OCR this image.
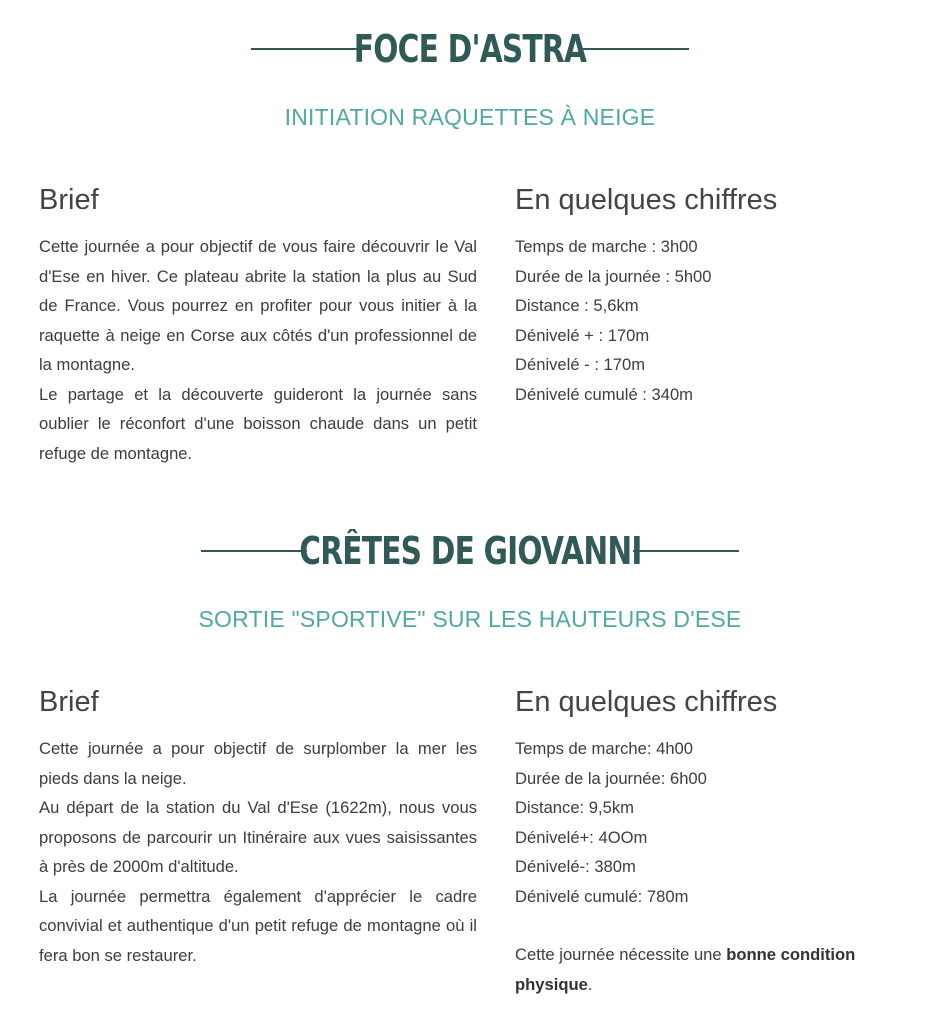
FOCE D'ASTRA
INITIATION RAQUETTES À NEIGE
Brief

Cette journée a pour objectif de vous faire découvrir le Val d'Ese en hiver. Ce plateau abrite la station la plus au Sud de France. Vous pourrez en profiter pour vous initier à la raquette à neige en Corse aux côtés d'un professionnel de la montagne.

Le partage et la découverte guideront la journée sans oublier le réconfort d'une boisson chaude dans un petit refuge de montagne.

En quelques chiffres
Temps de marche : 3h00
Durée de la journée : 5h00
Distance : 5,6km
Dénivelé + : 170m
Dénivelé - : 170m
Dénivelé cumulé : 340m
CRÊTES DE GIOVANNI
SORTIE "SPORTIVE" SUR LES HAUTEURS D'ESE
Brief

Cette journée a pour objectif de surplomber la mer les pieds dans la neige.

Au départ de la station du Val d'Ese (1622m), nous vous proposons de parcourir un Itinéraire aux vues saisissantes à près de 2000m d'altitude.

La journée permettra également d'apprécier le cadre convivial et authentique d'un petit refuge de montagne où il fera bon se restaurer.

En quelques chiffres
Temps de marche: 4h00
Durée de la journée: 6h00
Distance: 9,5km
Dénivelé+: 4OOm
Dénivelé-: 380m
Dénivelé cumulé: 780m

Cette journée nécessite une bonne condition physique.
